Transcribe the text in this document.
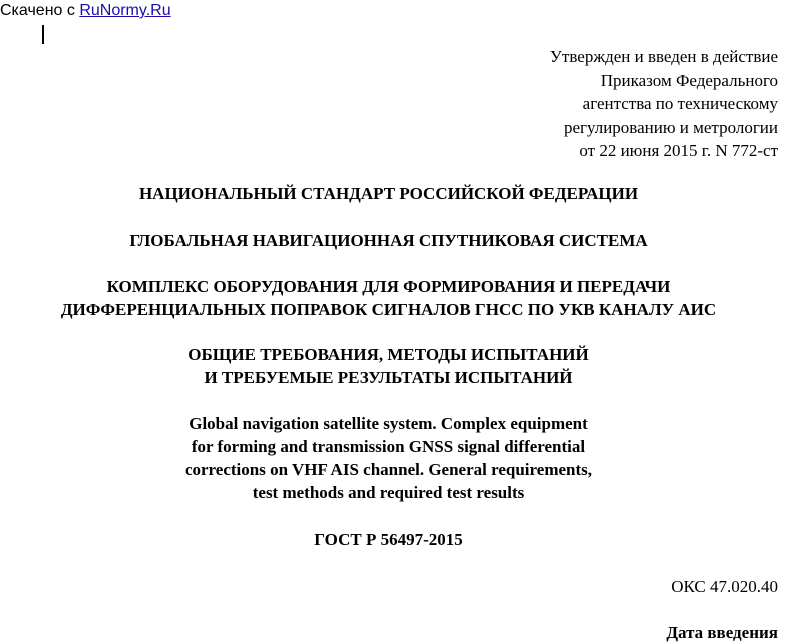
Скачено с RuNormy.Ru
Утвержден и введен в действие
Приказом Федерального
агентства по техническому
регулированию и метрологии
от 22 июня 2015 г. N 772-ст
НАЦИОНАЛЬНЫЙ СТАНДАРТ РОССИЙСКОЙ ФЕДЕРАЦИИ
ГЛОБАЛЬНАЯ НАВИГАЦИОННАЯ СПУТНИКОВАЯ СИСТЕМА
КОМПЛЕКС ОБОРУДОВАНИЯ ДЛЯ ФОРМИРОВАНИЯ И ПЕРЕДАЧИ
ДИФФЕРЕНЦИАЛЬНЫХ ПОПРАВОК СИГНАЛОВ ГНСС ПО УКВ КАНАЛУ АИС
ОБЩИЕ ТРЕБОВАНИЯ, МЕТОДЫ ИСПЫТАНИЙ
И ТРЕБУЕМЫЕ РЕЗУЛЬТАТЫ ИСПЫТАНИЙ
Global navigation satellite system. Complex equipment
for forming and transmission GNSS signal differential
corrections on VHF AIS channel. General requirements,
test methods and required test results
ГОСТ Р 56497-2015
ОКС 47.020.40
Дата введения
